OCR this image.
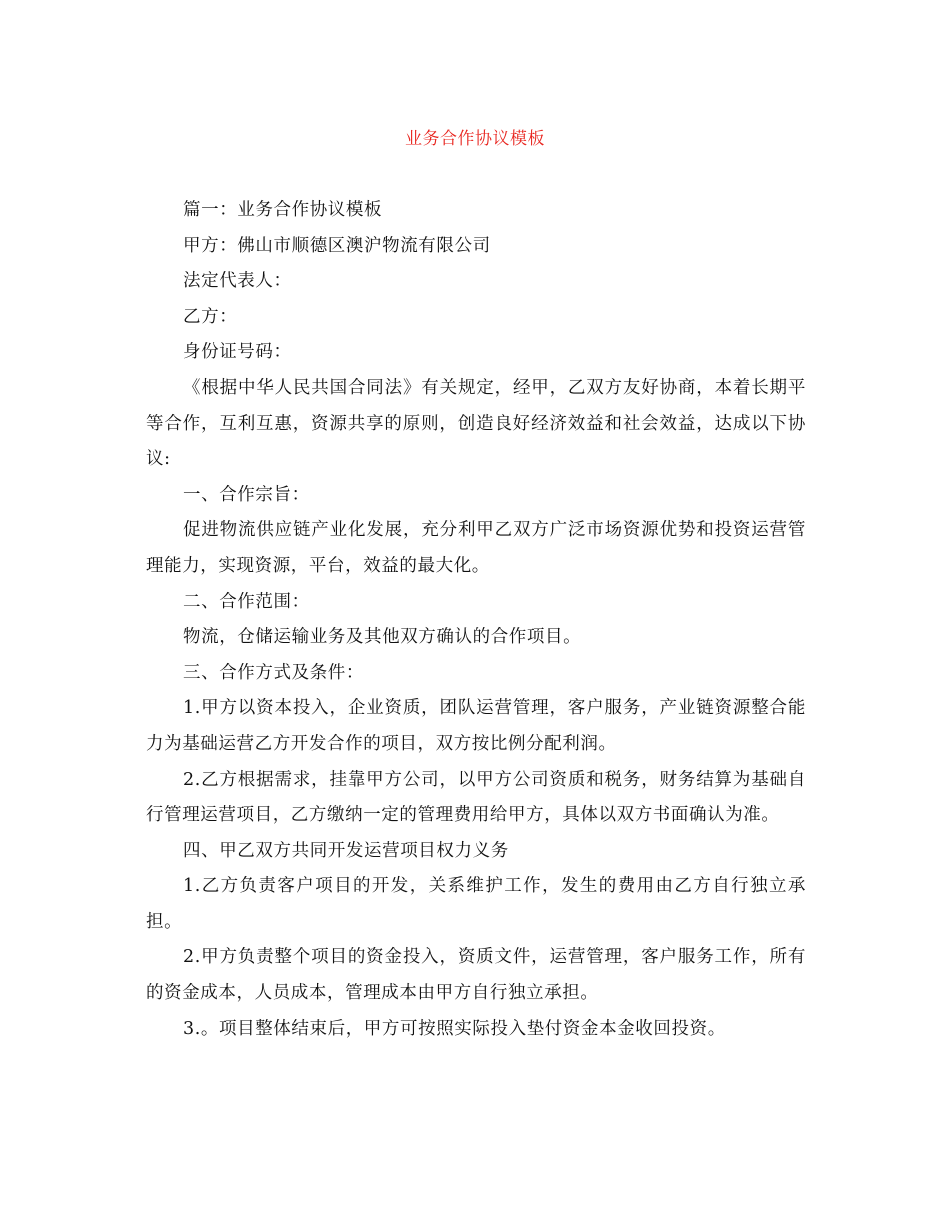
业务合作协议模板

篇一：业务合作协议模板

甲方：佛山市顺德区澳沪物流有限公司

法定代表人：

乙方：

身份证号码：

《根据中华人民共国合同法》有关规定，经甲，乙双方友好协商，本着长期平等合作，互利互惠，资源共享的原则，创造良好经济效益和社会效益，达成以下协议:

一、合作宗旨：

促进物流供应链产业化发展，充分利甲乙双方广泛市场资源优势和投资运营管理能力，实现资源，平台，效益的最大化。

二、合作范围：

物流，仓储运输业务及其他双方确认的合作项目。

三、合作方式及条件：

1.甲方以资本投入，企业资质，团队运营管理，客户服务，产业链资源整合能力为基础运营乙方开发合作的项目，双方按比例分配利润。

2.乙方根据需求，挂靠甲方公司，以甲方公司资质和税务，财务结算为基础自行管理运营项目，乙方缴纳一定的管理费用给甲方，具体以双方书面确认为准。

四、甲乙双方共同开发运营项目权力义务

1.乙方负责客户项目的开发，关系维护工作，发生的费用由乙方自行独立承担。

2.甲方负责整个项目的资金投入，资质文件，运营管理，客户服务工作，所有的资金成本，人员成本，管理成本由甲方自行独立承担。

3.。项目整体结束后，甲方可按照实际投入垫付资金本金收回投资。
